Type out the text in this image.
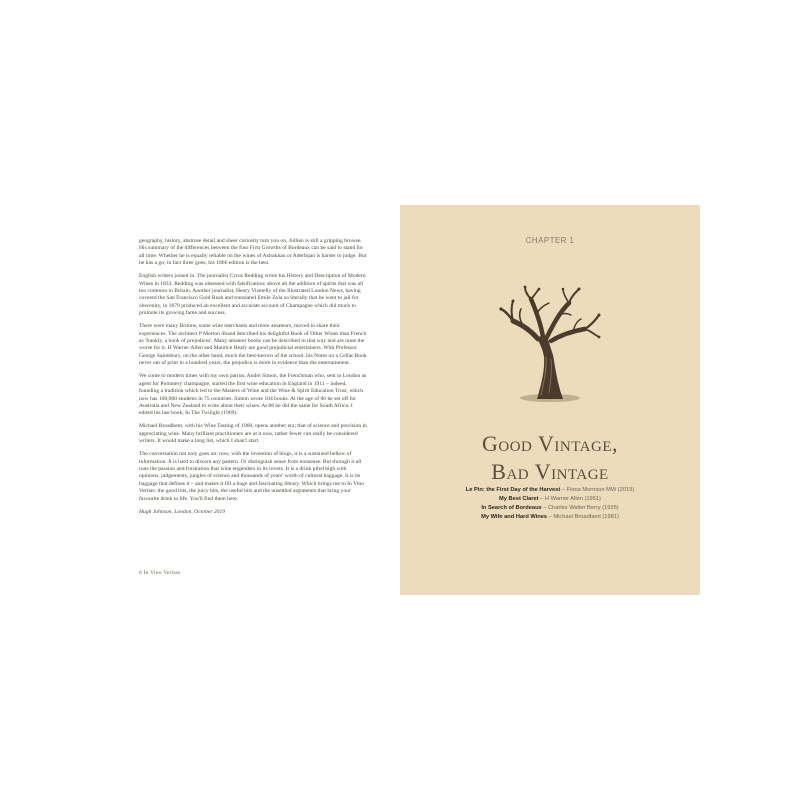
geography, history, abstruse detail and sheer curiosity turn you on, Jullien is still a gripping browse. His summary of the differences between the four First Growths of Bordeaux can be said to stand for all time. Whether he is equally reliable on the wines of Astrakhan or Aderbijan is harder to judge. But he has a go; in fact three goes; his 1866 edition is the best.

English writers joined in. The journalist Cyrus Redding wrote his History and Description of Modern Wines in 1833. Redding was obsessed with falsification; above all the addition of spirits that was all too common in Britain. Another journalist, Henry Vizetelly of the Illustrated London News, having covered the San Francisco Gold Rush and translated Emile Zola so literally that he went to jail for obscenity, in 1879 produced an excellent and accurate account of Champagne which did much to promote its growing fame and success.

There were many Britons, some wine merchants and more amateurs, moved to share their experiences. The architect P Morton Shand described his delightful Book of Other Wines than French as 'frankly, a book of prejudices'. Many amateur books can be described in that way and are none the worse for it. H Warner Allen and Maurice Healy are good prejudicial entertainers. With Professor George Saintsbury, on the other hand, much the best-known of the school, his Notes on a Cellar Book never out of print in a hundred years, the prejudice is more in evidence than the entertainment.

We come to modern times with my own patron, André Simon, the Frenchman who, sent to London as agent for Pommery champagne, started the first wine education in England in 1911 – indeed, founding a tradition which led to the Masters of Wine and the Wine & Spirit Education Trust, which now has 100,000 students in 75 countries. Simon wrote 104 books. At the age of 86 he set off for Australia and New Zealand to write about their wines. At 88 he did the same for South Africa. I edited his last book, In The Twilight (1969).

Michael Broadbent, with his Wine Tasting of 1968, opens another era; that of science and precision in appreciating wine. Many brilliant practitioners are at it now, rather fewer can really be considered writers. It would make a long list, which I shan't start.

The conversation not only goes on: now, with the invention of blogs, it is a sustained bellow of information. It is hard to discern any pattern. Or distinguish sense from nonsense. But through it all runs the passion and frustration that wine engenders in its lovers. It is a drink piled high with opinions, judgements, jungles of science and thousands of years' worth of cultural baggage. It is its baggage that defines it – and makes it fill a huge and fascinating library. Which brings me to In Vino Veritas: the good bits, the juicy bits, the useful bits and the unsettled arguments that bring your favourite drink to life. You'll find them here.

Hugh Johnson, London, October 2019

6 In Vino Veritas
CHAPTER 1
Good Vintage,
Bad Vintage
Le Pin: the First Day of the Harvest – Fiona Morrison MW (2019)
My Best Claret – H Warner Allen (1951)
In Search of Bordeaux – Charles Walter Berry (1935)
My Wife and Hard Wines – Michael Broadbent (1981)
